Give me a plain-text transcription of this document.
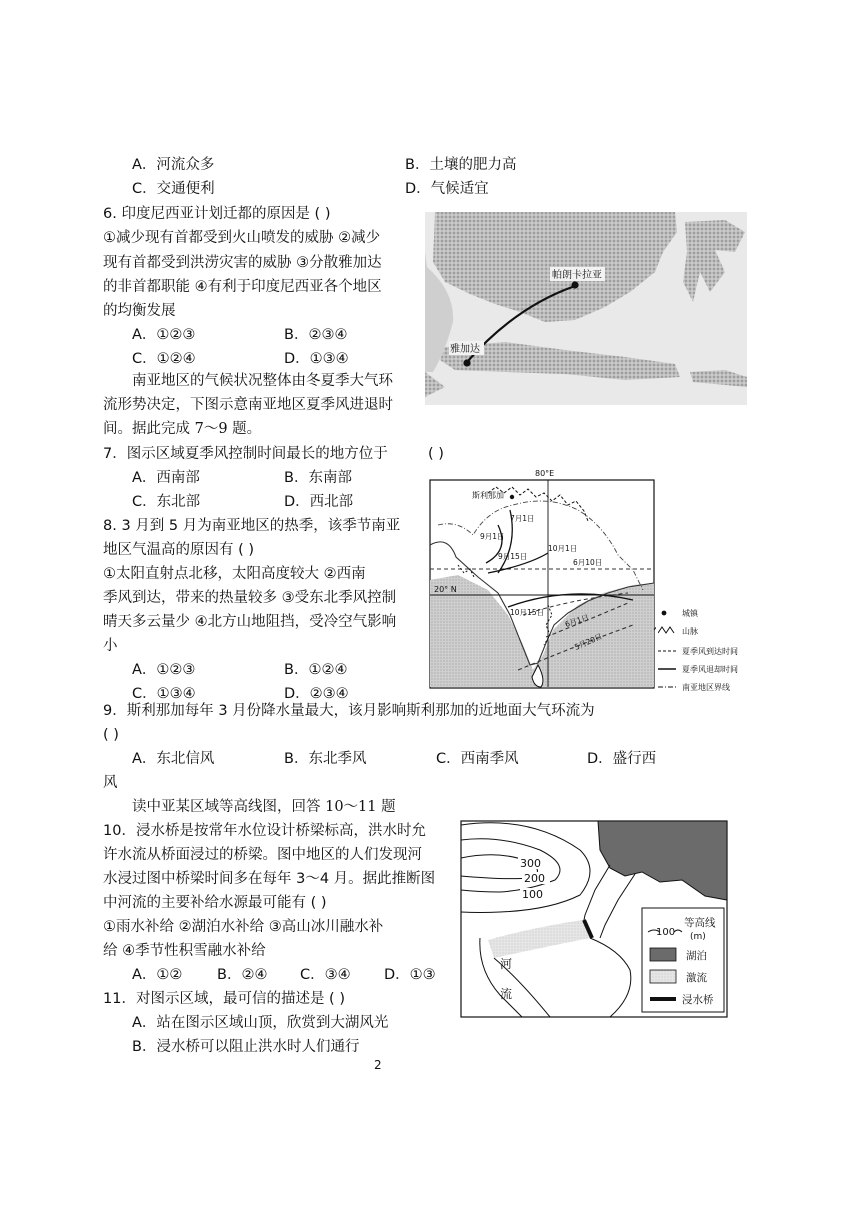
A．河流众多	B．土壤的肥力高
C．交通便利	D．气候适宜
6. 印度尼西亚计划迁都的原因是 ( )
①减少现有首都受到火山喷发的威胁 ②减少
现有首都受到洪涝灾害的威胁 ③分散雅加达
的非首都职能 ④有利于印度尼西亚各个地区
的均衡发展
A．①②③	B．②③④
C．①②④	D．①③④
帕朗卡拉亚
雅加达
南亚地区的气候状况整体由冬夏季大气环
流形势决定，下图示意南亚地区夏季风进退时
间。据此完成 7～9 题。
7．图示区域夏季风控制时间最长的地方位于	( )
A．西南部	B．东南部
C．东北部	D．西北部
8. 3 月到 5 月为南亚地区的热季，该季节南亚
地区气温高的原因有 ( )
①太阳直射点北移，太阳高度较大 ②西南
季风到达，带来的热量较多 ③受东北季风控制
晴天多云量少 ④北方山地阻挡，受冷空气影响
小
A．①②③	B．①②④
C．①③④	D．②③④
80°E
20° N
斯利那加
7月1日
9月1日
9月15日
10月1日
6月10日
10月15日
6月1日
5月20日
城镇
山脉
夏季风到达时间
夏季风退却时间
南亚地区界线
9．斯利那加每年 3 月份降水量最大，该月影响斯利那加的近地面大气环流为
( )
A．东北信风	B．东北季风	C．西南季风	D．盛行西
风
读中亚某区域等高线图，回答 10～11 题
10．浸水桥是按常年水位设计桥梁标高，洪水时允
许水流从桥面浸过的桥梁。图中地区的人们发现河
水浸过图中桥梁时间多在每年 3～4 月。据此推断图
中河流的主要补给水源最可能有 ( )
①雨水补给 ②湖泊水补给 ③高山冰川融水补
给 ④季节性积雪融水补给
A．①② B．②④ C．③④ D．①③
11．对图示区域，最可信的描述是 ( )
A．站在图示区域山顶，欣赏到大湖风光
B．浸水桥可以阻止洪水时人们通行
300
200
100
河
流
100
等高线
(m)
湖泊
激流
浸水桥
2
